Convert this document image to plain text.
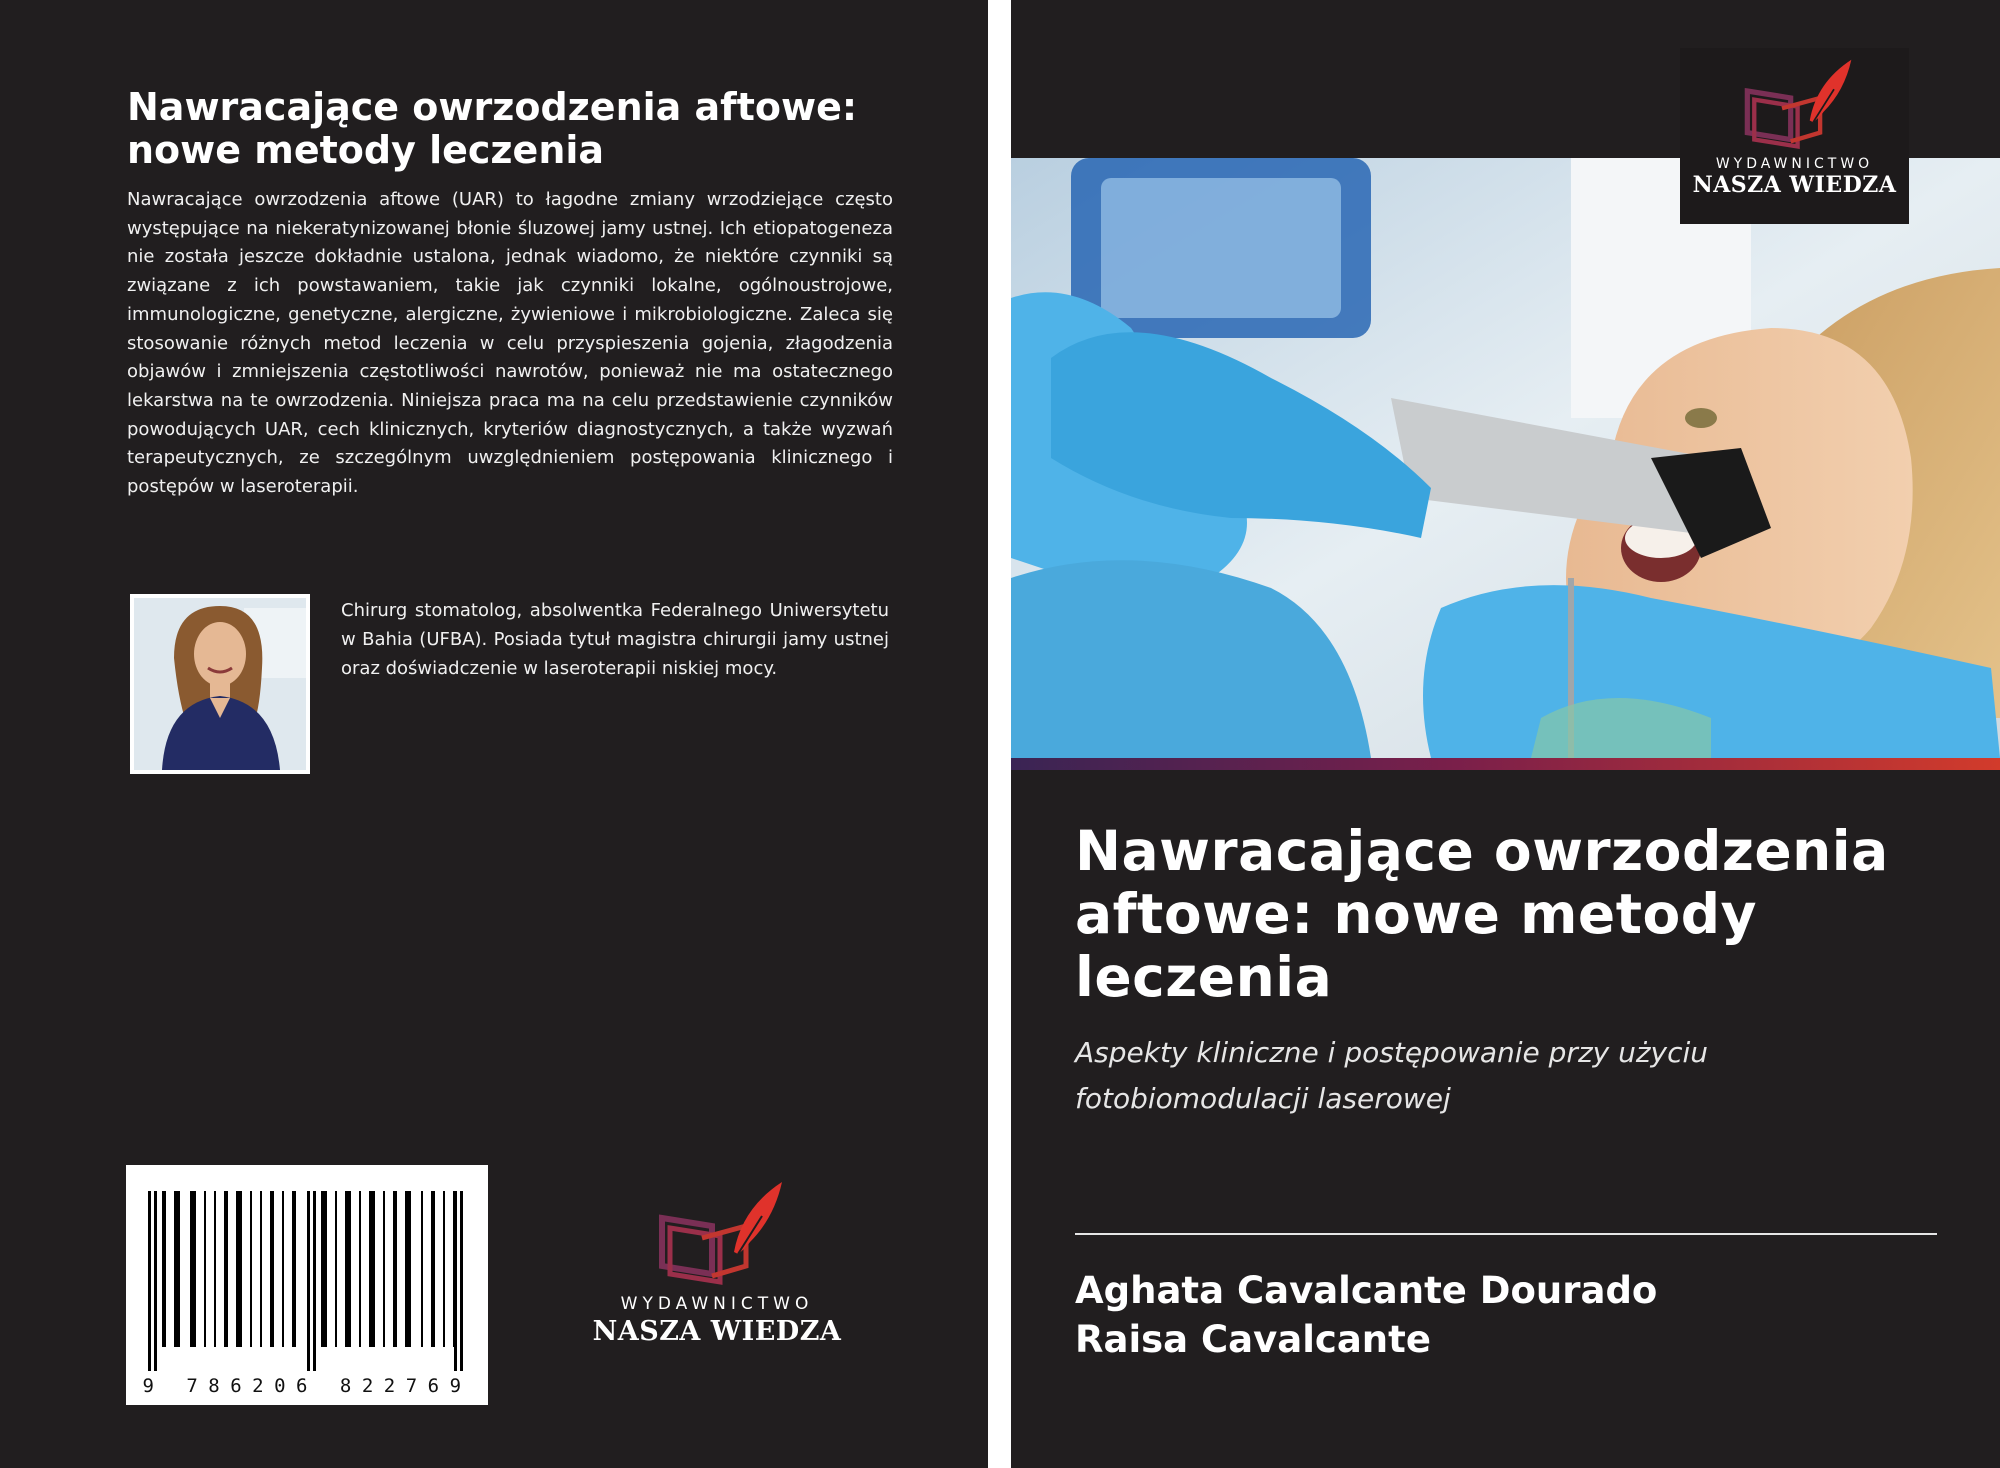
Nawracające owrzodzenia aftowe: nowe metody leczenia

Nawracające owrzodzenia aftowe (UAR) to łagodne zmiany wrzodziejące często występujące na niekeratynizowanej błonie śluzowej jamy ustnej. Ich etiopatogeneza nie została jeszcze dokładnie ustalona, jednak wiadomo, że niektóre czynniki są związane z ich powstawaniem, takie jak czynniki lokalne, ogólnoustrojowe, immunologiczne, genetyczne, alergiczne, żywieniowe i mikrobiologiczne. Zaleca się stosowanie różnych metod leczenia w celu przyspieszenia gojenia, złagodzenia objawów i zmniejszenia częstotliwości nawrotów, ponieważ nie ma ostatecznego lekarstwa na te owrzodzenia. Niniejsza praca ma na celu przedstawienie czynników powodujących UAR, cech klinicznych, kryteriów diagnostycznych, a także wyzwań terapeutycznych, ze szczególnym uwzględnieniem postępowania klinicznego i postępów w laseroterapii.

Chirurg stomatolog, absolwentka Federalnego Uniwersytetu w Bahia (UFBA). Posiada tytuł magistra chirurgii jamy ustnej oraz doświadczenie w laseroterapii niskiej mocy.

9 786206 822769
WYDAWNICTWO
NASZA WIEDZA
WYDAWNICTWO
NASZA WIEDZA
Nawracające owrzodzenia aftowe: nowe metody leczenia

Aspekty kliniczne i postępowanie przy użyciu fotobiomodulacji laserowej

Aghata Cavalcante Dourado
Raisa Cavalcante
